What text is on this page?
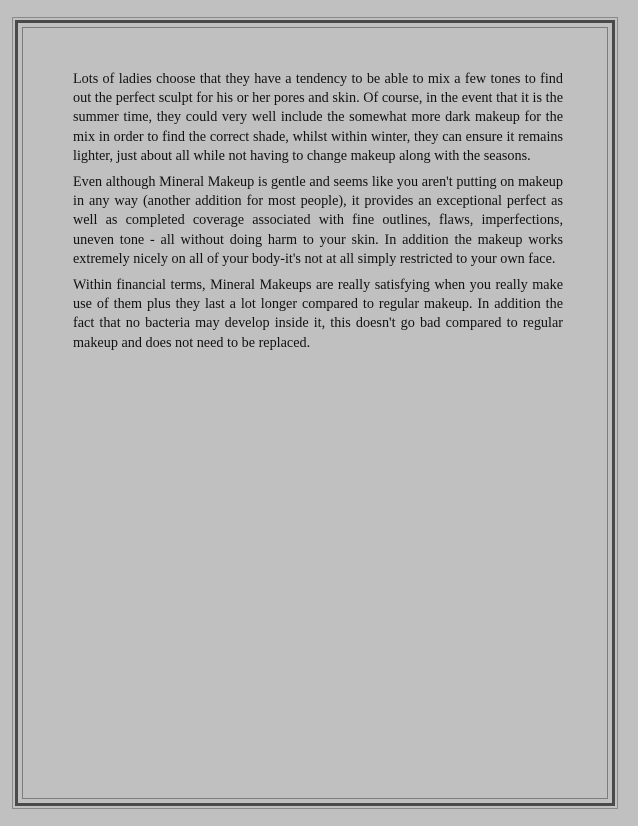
Lots of ladies choose that they have a tendency to be able to mix a few tones to find out the perfect sculpt for his or her pores and skin. Of course, in the event that it is the summer time, they could very well include the somewhat more dark makeup for the mix in order to find the correct shade, whilst within winter, they can ensure it remains lighter, just about all while not having to change makeup along with the seasons.

Even although Mineral Makeup is gentle and seems like you aren't putting on makeup in any way (another addition for most people), it provides an exceptional perfect as well as completed coverage associated with fine outlines, flaws, imperfections, uneven tone - all without doing harm to your skin. In addition the makeup works extremely nicely on all of your body-it's not at all simply restricted to your own face.

Within financial terms, Mineral Makeups are really satisfying when you really make use of them plus they last a lot longer compared to regular makeup. In addition the fact that no bacteria may develop inside it, this doesn't go bad compared to regular makeup and does not need to be replaced.
